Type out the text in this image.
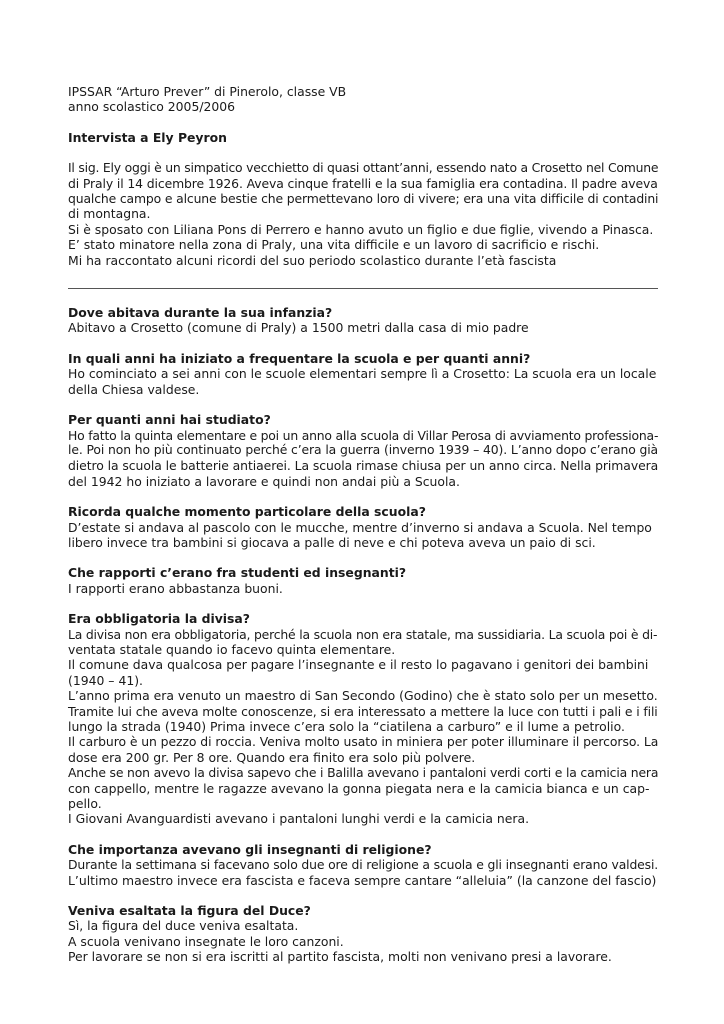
IPSSAR “Arturo Prever” di Pinerolo, classe VB
anno scolastico 2005/2006
Intervista a Ely Peyron
Il sig. Ely oggi è un simpatico vecchietto di quasi ottant’anni, essendo nato a Crosetto nel Comune
di Praly il 14 dicembre 1926. Aveva cinque fratelli e la sua famiglia era contadina. Il padre aveva
qualche campo e alcune bestie che permettevano loro di vivere; era una vita difficile di contadini
di montagna.
Si è sposato con Liliana Pons di Perrero e hanno avuto un figlio e due figlie, vivendo a Pinasca.
E’ stato minatore nella zona di Praly, una vita difficile e un lavoro di sacrificio e rischi.
Mi ha raccontato alcuni ricordi del suo periodo scolastico durante l’età fascista
Dove abitava durante la sua infanzia?
Abitavo a Crosetto (comune di Praly) a 1500 metri dalla casa di mio padre
In quali anni ha iniziato a frequentare la scuola e per quanti anni?
Ho cominciato a sei anni con le scuole elementari sempre lì a Crosetto: La scuola era un locale
della Chiesa valdese.
Per quanti anni hai studiato?
Ho fatto la quinta elementare e poi un anno alla scuola di Villar Perosa di avviamento professiona-
le. Poi non ho più continuato perché c’era la guerra (inverno 1939 – 40). L’anno dopo c’erano già
dietro la scuola le batterie antiaerei. La scuola rimase chiusa per un anno circa. Nella primavera
del 1942 ho iniziato a lavorare e quindi non andai più a Scuola.
Ricorda qualche momento particolare della scuola?
D’estate si andava al pascolo con le mucche, mentre d’inverno si andava a Scuola. Nel tempo
libero invece tra bambini si giocava a palle di neve e chi poteva aveva un paio di sci.
Che rapporti c’erano fra studenti ed insegnanti?
I rapporti erano abbastanza buoni.
Era obbligatoria la divisa?
La divisa non era obbligatoria, perché la scuola non era statale, ma sussidiaria. La scuola poi è di-
ventata statale quando io facevo quinta elementare.
Il comune dava qualcosa per pagare l’insegnante e il resto lo pagavano i genitori dei bambini
(1940 – 41).
L’anno prima era venuto un maestro di San Secondo (Godino) che è stato solo per un mesetto.
Tramite lui che aveva molte conoscenze, si era interessato a mettere la luce con tutti i pali e i fili
lungo la strada (1940) Prima invece c’era solo la “ciatilena a carburo” e il lume a petrolio.
Il carburo è un pezzo di roccia. Veniva molto usato in miniera per poter illuminare il percorso. La
dose era 200 gr. Per 8 ore. Quando era finito era solo più polvere.
Anche se non avevo la divisa sapevo che i Balilla avevano i pantaloni verdi corti e la camicia nera
con cappello, mentre le ragazze avevano la gonna piegata nera e la camicia bianca e un cap-
pello.
I Giovani Avanguardisti avevano i pantaloni lunghi verdi e la camicia nera.
Che importanza avevano gli insegnanti di religione?
Durante la settimana si facevano solo due ore di religione a scuola e gli insegnanti erano valdesi.
L’ultimo maestro invece era fascista e faceva sempre cantare “alleluia” (la canzone del fascio)
Veniva esaltata la figura del Duce?
Sì, la figura del duce veniva esaltata.
A scuola venivano insegnate le loro canzoni.
Per lavorare se non si era iscritti al partito fascista, molti non venivano presi a lavorare.
